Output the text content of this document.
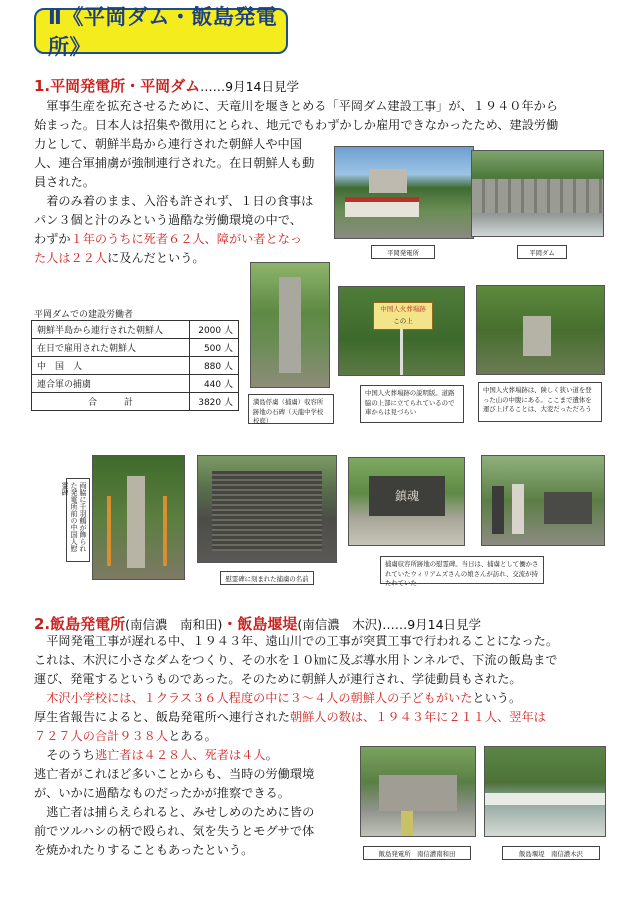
Ⅱ《平岡ダム・飯島発電所》
1.平岡発電所・平岡ダム……9月14日見学

軍事生産を拡充させるために、天竜川を堰きとめる「平岡ダム建設工事」が、１９４０年から

始まった。日本人は招集や徴用にとられ、地元でもわずかしか雇用できなかったため、建設労働

力として、朝鮮半島から連行された朝鮮人や中国

人、連合軍捕虜が強制連行された。在日朝鮮人も動

員された。

着のみ着のまま、入浴も許されず、１日の食事は

パン３個と汁のみという過酷な労働環境の中で、

わずか１年のうちに死者６２人、障がい者となっ

た人は２２人に及んだという。	平岡発電所	平岡ダム
平岡ダムでの建設労働者
朝鮮半島から連行された朝鮮人	2000 人
在日で雇用された朝鮮人	500 人
中　国　人	880 人
連合軍の捕虜	440 人
合　　　計	3820 人	満島俘虜（捕虜）収容所跡地の石碑（天龍中学校　校庭）
中国人火葬場跡
この上
中国人火葬場跡の説明版。道路脇の上部に立てられているので車からは見づらい
中国人火葬場跡は、険しく狭い道を登った山の中腹にある。ここまで遺体を運び上げることは、大変だっただろう
両脇に千羽鶴が飾られた発電所前の中国人慰霊碑
慰霊碑に刻まれた捕虜の名前
鎮魂
捕虜収容所跡地の慰霊碑。当日は、捕虜として働かされていたウィリアムズさんの娘さんが訪れ、交流が持たれていた
2.飯島発電所(南信濃　南和田)・飯島堰堤(南信濃　木沢)……9月14日見学

平岡発電工事が遅れる中、１９４３年、遠山川での工事が突貫工事で行われることになった。

これは、木沢に小さなダムをつくり、その水を１０㎞に及ぶ導水用トンネルで、下流の飯島まで

運び、発電するというものであった。そのために朝鮮人が連行され、学徒動員もされた。

木沢小学校には、１クラス３６人程度の中に３～４人の朝鮮人の子どもがいたという。

厚生省報告によると、飯島発電所へ連行された朝鮮人の数は、１９４３年に２１１人、翌年は

７２７人の合計９３８人とある。

そのうち逃亡者は４２８人、死者は４人。

逃亡者がこれほど多いことからも、当時の労働環境

が、いかに過酷なものだったかが推察できる。

逃亡者は捕らえられると、みせしめのために皆の

前でツルハシの柄で殴られ、気を失うとモグサで体

を焼かれたりすることもあったという。	飯島発電所　南信濃南和田	飯島堰堤　南信濃木沢
